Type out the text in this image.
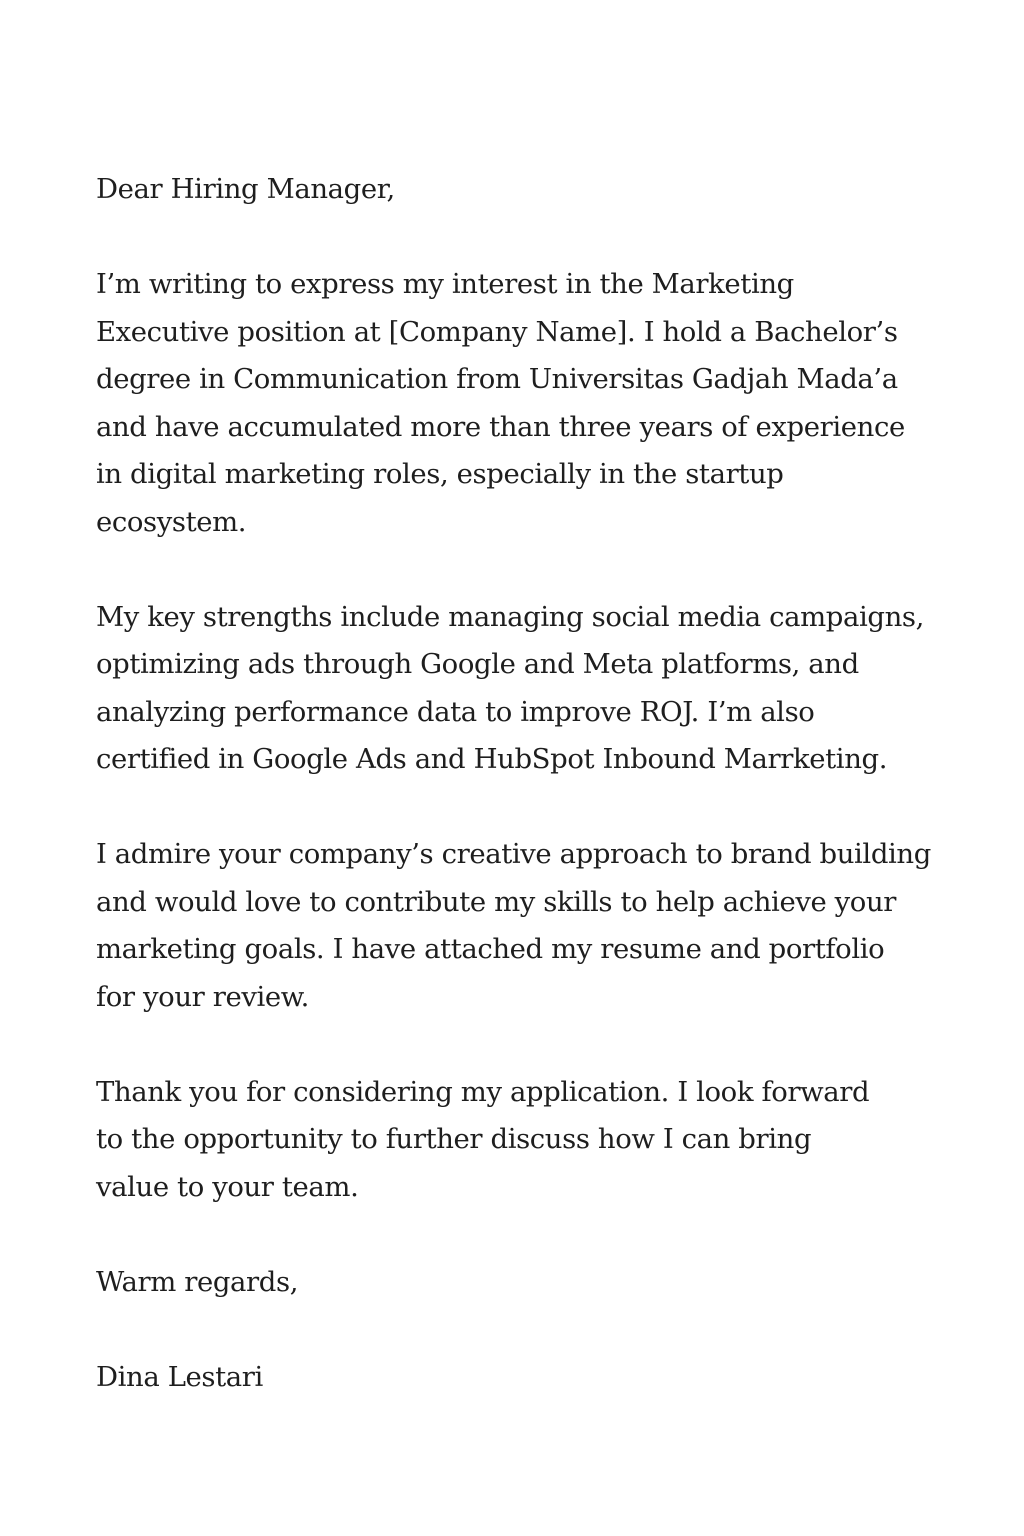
Dear Hiring Manager,
I’m writing to express my interest in the Marketing
Executive position at [Company Name]. I hold a Bachelor’s
degree in Communication from Universitas Gadjah Mada’a
and have accumulated more than three years of experience
in digital marketing roles, especially in the startup
ecosystem.
My key strengths include managing social media campaigns,
optimizing ads through Google and Meta platforms, and
analyzing performance data to improve ROJ. I’m also
certified in Google Ads and HubSpot Inbound Marrketing.
I admire your company’s creative approach to brand building
and would love to contribute my skills to help achieve your
marketing goals. I have attached my resume and portfolio
for your review.
Thank you for considering my application. I look forward
to the opportunity to further discuss how I can bring
value to your team.
Warm regards,
Dina Lestari
